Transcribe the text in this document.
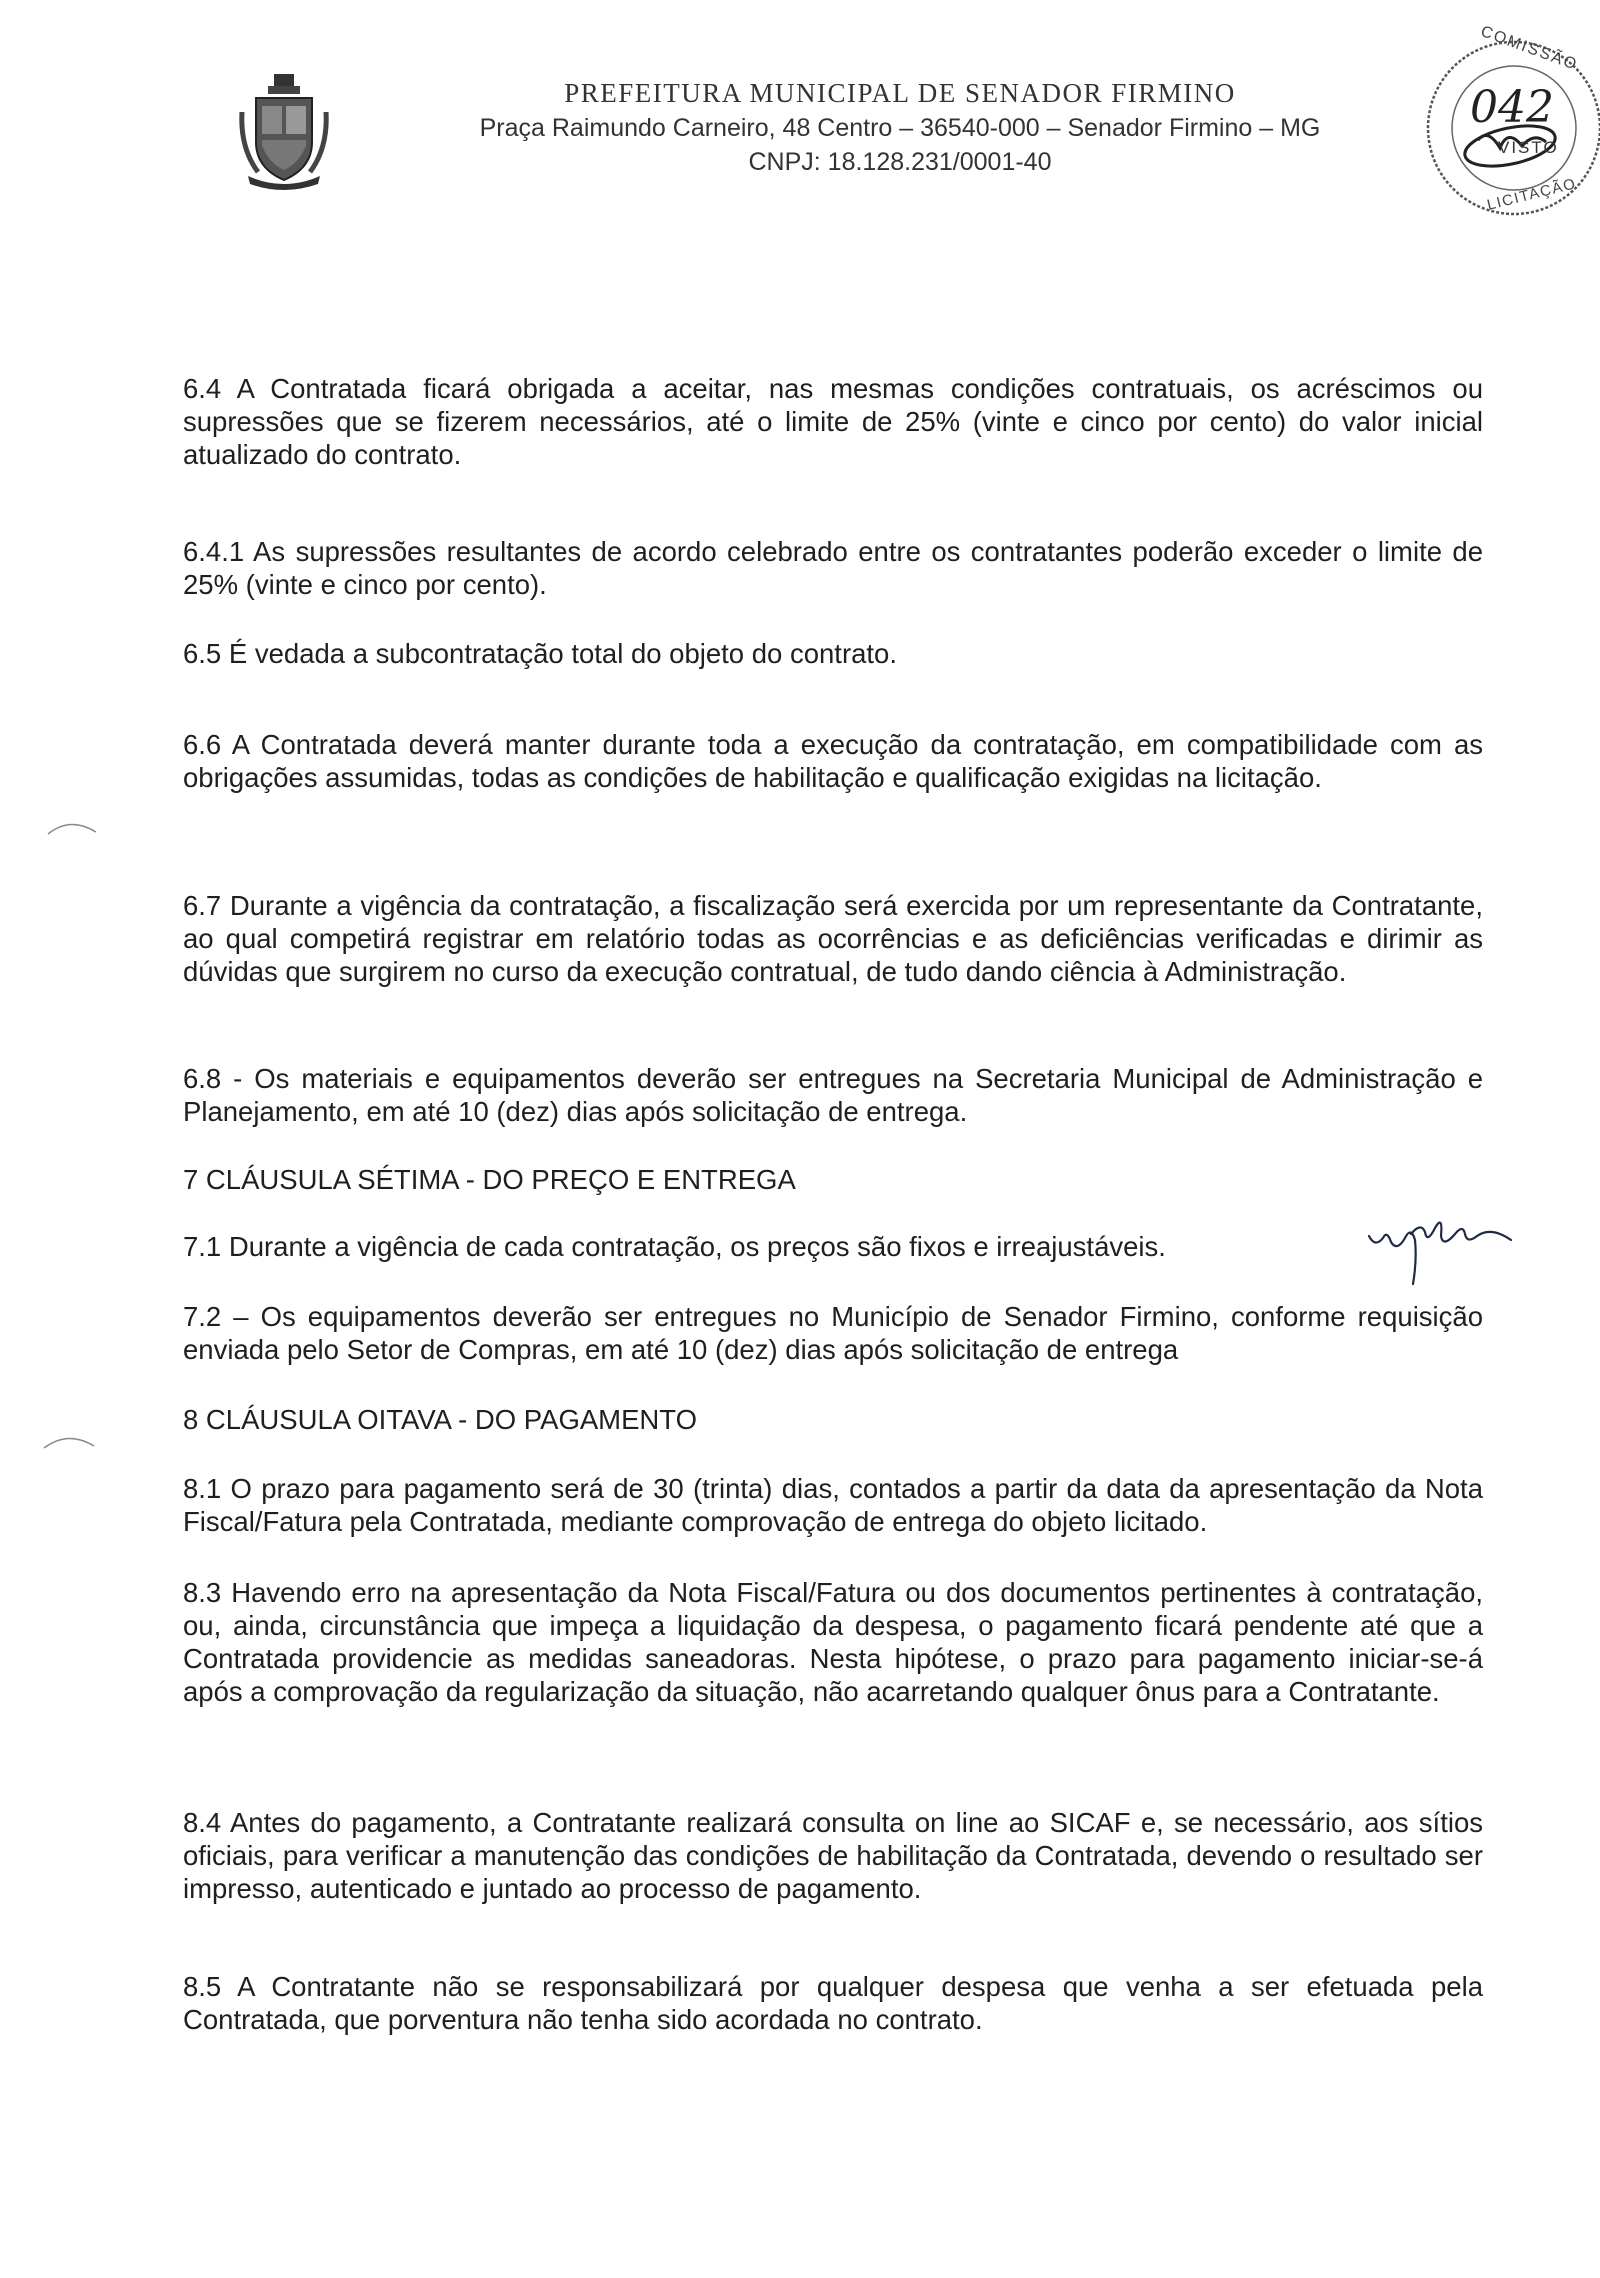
PREFEITURA MUNICIPAL DE SENADOR FIRMINO

Praça Raimundo Carneiro, 48 Centro – 36540-000 – Senador Firmino – MG

CNPJ: 18.128.231/0001-40

COMISSÃO
042
VISTO
LICITAÇÃO

6.4 A Contratada ficará obrigada a aceitar, nas mesmas condições contratuais, os acréscimos ou supressões que se fizerem necessários, até o limite de 25% (vinte e cinco por cento) do valor inicial atualizado do contrato.

6.4.1 As supressões resultantes de acordo celebrado entre os contratantes poderão exceder o limite de 25% (vinte e cinco por cento).

6.5 É vedada a subcontratação total do objeto do contrato.

6.6 A Contratada deverá manter durante toda a execução da contratação, em compatibilidade com as obrigações assumidas, todas as condições de habilitação e qualificação exigidas na licitação.

6.7 Durante a vigência da contratação, a fiscalização será exercida por um representante da Contratante, ao qual competirá registrar em relatório todas as ocorrências e as deficiências verificadas e dirimir as dúvidas que surgirem no curso da execução contratual, de tudo dando ciência à Administração.

6.8 - Os materiais e equipamentos deverão ser entregues na Secretaria Municipal de Administração e Planejamento, em até 10 (dez) dias após solicitação de entrega.

7 CLÁUSULA SÉTIMA - DO PREÇO E ENTREGA

7.1 Durante a vigência de cada contratação, os preços são fixos e irreajustáveis.

7.2 – Os equipamentos deverão ser entregues no Município de Senador Firmino, conforme requisição enviada pelo Setor de Compras, em até 10 (dez) dias após solicitação de entrega

8 CLÁUSULA OITAVA - DO PAGAMENTO

8.1 O prazo para pagamento será de 30 (trinta) dias, contados a partir da data da apresentação da Nota Fiscal/Fatura pela Contratada, mediante comprovação de entrega do objeto licitado.

8.3 Havendo erro na apresentação da Nota Fiscal/Fatura ou dos documentos pertinentes à contratação, ou, ainda, circunstância que impeça a liquidação da despesa, o pagamento ficará pendente até que a Contratada providencie as medidas saneadoras. Nesta hipótese, o prazo para pagamento iniciar-se-á após a comprovação da regularização da situação, não acarretando qualquer ônus para a Contratante.

8.4 Antes do pagamento, a Contratante realizará consulta on line ao SICAF e, se necessário, aos sítios oficiais, para verificar a manutenção das condições de habilitação da Contratada, devendo o resultado ser impresso, autenticado e juntado ao processo de pagamento.

8.5 A Contratante não se responsabilizará por qualquer despesa que venha a ser efetuada pela Contratada, que porventura não tenha sido acordada no contrato.
